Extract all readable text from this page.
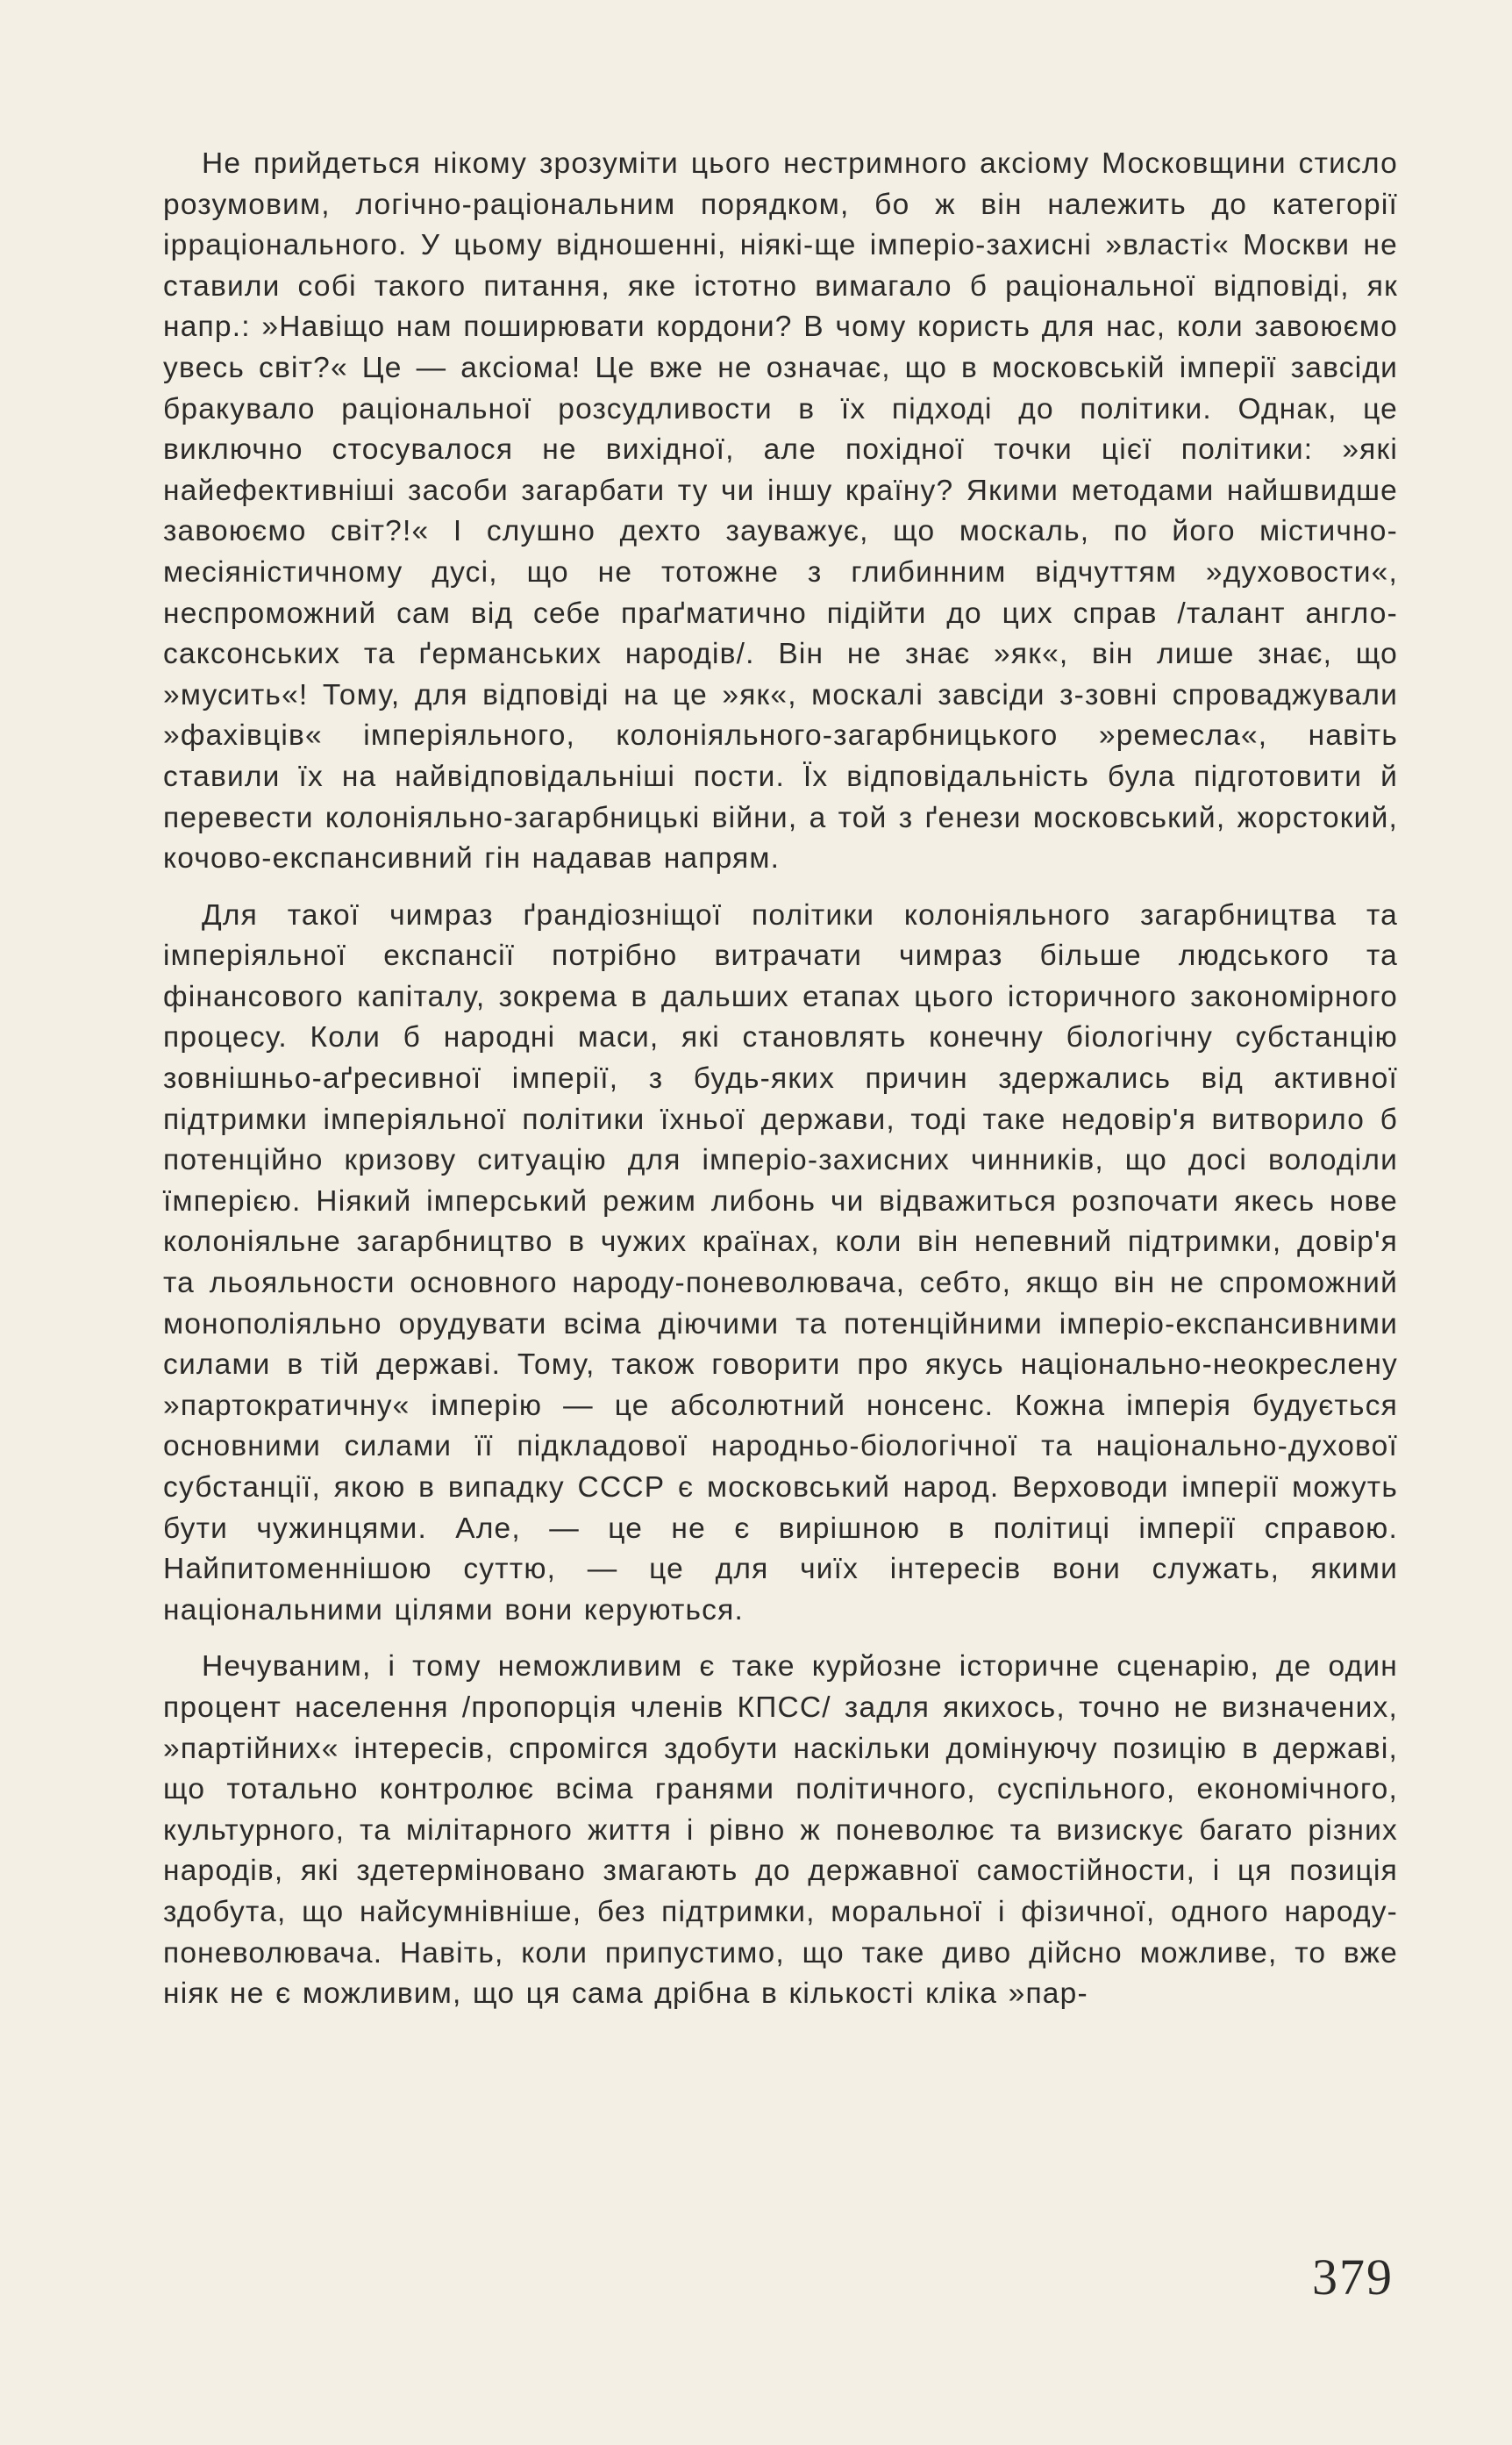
Не прийдеться нікому зрозуміти цього нестримного аксіому Московщини стисло розумовим, логічно-раціональним порядком, бо ж він належить до категорії ірраціонального. У цьому відношенні, ніякі-ще імперіо-захисні »власті« Москви не ставили собі такого питання, яке істотно вимагало б раціональної відповіді, як напр.: »Навіщо нам поширювати кордони? В чому користь для нас, коли завоюємо увесь світ?« Це — аксіома! Це вже не означає, що в московській імперії завсіди бракувало раціональної розсудливости в їх підході до політики. Однак, це виключно стосувалося не вихідної, але похідної точки цієї політики: »які найефективніші засоби загарбати ту чи іншу країну? Якими методами найшвидше завоюємо світ?!« І слушно дехто зауважує, що москаль, по його містично-месіяністичному дусі, що не тотожне з глибинним відчуттям »духовости«, неспроможний сам від себе праґматично підійти до цих справ /талант англо-саксонських та ґерманських народів/. Він не знає »як«, він лише знає, що »мусить«! Тому, для відповіді на це »як«, москалі завсіди з-зовні спроваджували »фахівців« імперіяльного, колоніяльного-загарбницького »ремесла«, навіть ставили їх на найвідповідальніші пости. Їх відповідальність була підготовити й перевести колоніяльно-загарбницькі війни, а той з ґенези московський, жорстокий, кочово-експансивний гін надавав напрям.

Для такої чимраз ґрандіозніщої політики колоніяльного загарбництва та імперіяльної експансії потрібно витрачати чимраз більше людського та фінансового капіталу, зокрема в дальших етапах цього історичного закономірного процесу. Коли б народні маси, які становлять конечну біологічну субстанцію зовнішньо-аґресивної імперії, з будь-яких причин здержались від активної підтримки імперіяльної політики їхньої держави, тоді таке недовір'я витворило б потенційно кризову ситуацію для імперіо-захисних чинників, що досі володіли їмперією. Ніякий імперський режим либонь чи відважиться розпочати якесь нове колоніяльне загарбництво в чужих країнах, коли він непевний підтримки, довір'я та льояльности основного народу-поневолювача, себто, якщо він не спроможний монополіяльно орудувати всіма діючими та потенційними імперіо-експансивними силами в тій державі. Тому, також говорити про якусь національно-неокреслену »партократичну« імперію — це абсолютний нонсенс. Кожна імперія будується основними силами її підкладової народньо-біологічної та національно-духової субстанції, якою в випадку СССР є московський народ. Верховоди імперії можуть бути чужинцями. Але, — це не є вирішною в політиці імперії справою. Найпитоменнішою суттю, — це для чиїх інтересів вони служать, якими національними цілями вони керуються.

Нечуваним, і тому неможливим є таке курйозне історичне сценарію, де один процент населення /пропорція членів КПСС/ задля якихось, точно не визначених, »партійних« інтересів, спромігся здобути наскільки домінуючу позицію в державі, що тотально контролює всіма гранями політичного, суспільного, економічного, культурного, та мілітарного життя і рівно ж поневолює та визискує багато різних народів, які здетерміновано змагають до державної самостійности, і ця позиція здобута, що найсумнівніше, без підтримки, моральної і фізичної, одного народу-поневолювача. Навіть, коли припустимо, що таке диво дійсно можливе, то вже ніяк не є можливим, що ця сама дрібна в кількості кліка »пар-

379
